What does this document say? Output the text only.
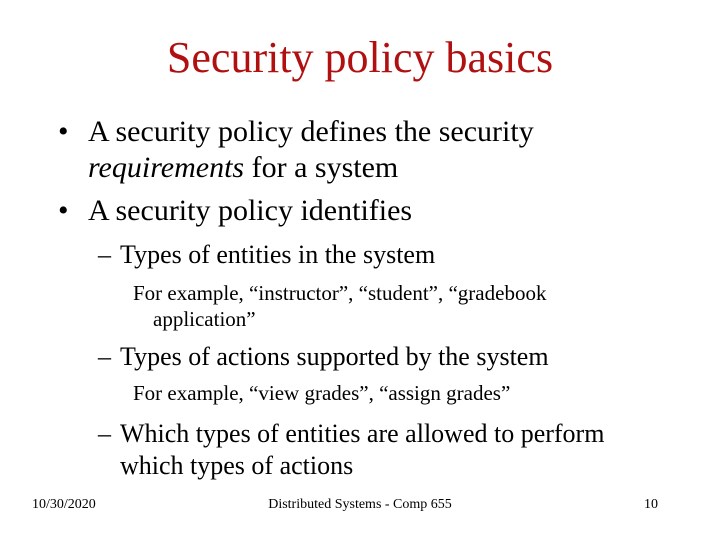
Security policy basics
• A security policy defines the security
requirements for a system
• A security policy identifies
– Types of entities in the system
For example, “instructor”, “student”, “gradebook
application”
– Types of actions supported by the system
For example, “view grades”, “assign grades”
– Which types of entities are allowed to perform
which types of actions
10/30/2020	Distributed Systems - Comp 655	10
